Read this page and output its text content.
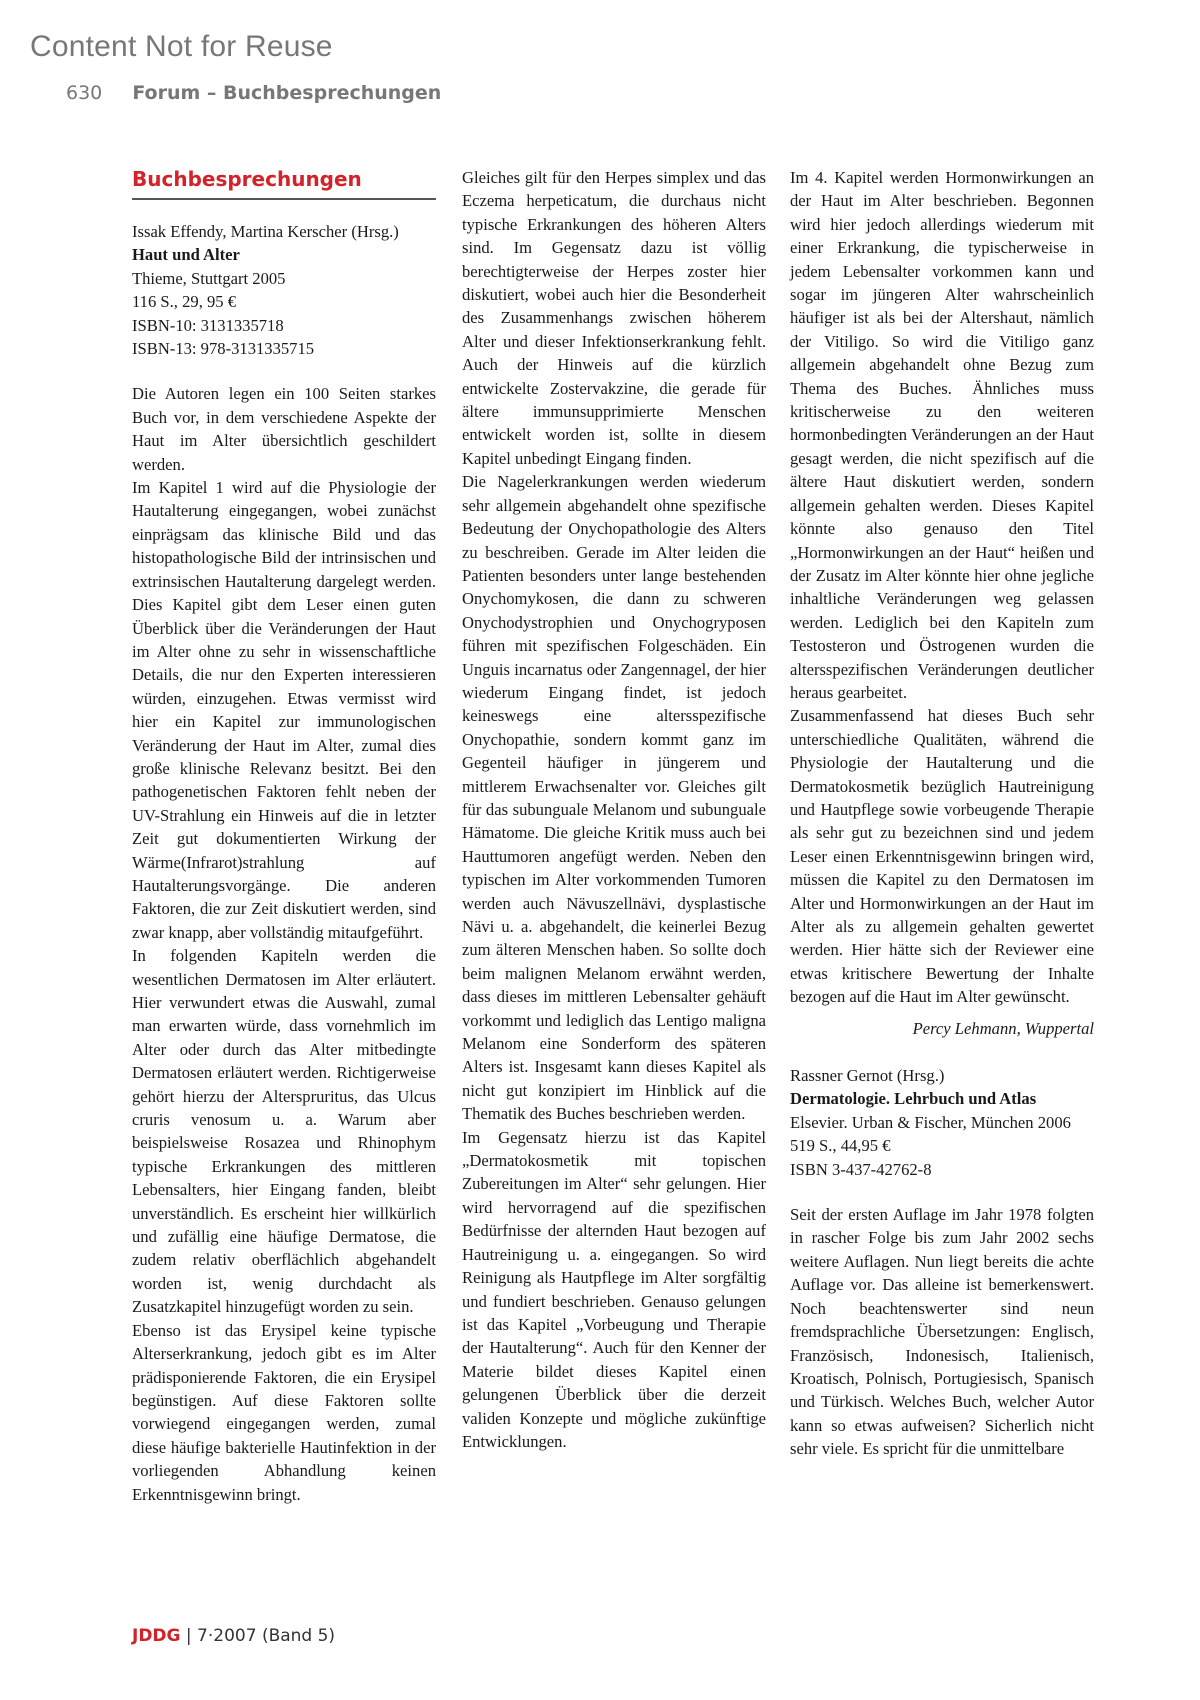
Content Not for Reuse
630 Forum – Buchbesprechungen
Buchbesprechungen
Issak Effendy, Martina Kerscher (Hrsg.)
Haut und Alter
Thieme, Stuttgart 2005
116 S., 29, 95 €
ISBN-10: 3131335718
ISBN-13: 978-3131335715

Die Autoren legen ein 100 Seiten starkes Buch vor, in dem verschiedene Aspekte der Haut im Alter übersichtlich geschildert werden.

Im Kapitel 1 wird auf die Physiologie der Hautalterung eingegangen, wobei zunächst einprägsam das klinische Bild und das histopathologische Bild der intrinsischen und extrinsischen Hautalterung dargelegt werden. Dies Kapitel gibt dem Leser einen guten Überblick über die Veränderungen der Haut im Alter ohne zu sehr in wissenschaftliche Details, die nur den Experten interessieren würden, einzugehen. Etwas vermisst wird hier ein Kapitel zur immunologischen Veränderung der Haut im Alter, zumal dies große klinische Relevanz besitzt. Bei den pathogenetischen Faktoren fehlt neben der UV-Strahlung ein Hinweis auf die in letzter Zeit gut dokumentierten Wirkung der Wärme(Infrarot)strahlung auf Hautalterungsvorgänge. Die anderen Faktoren, die zur Zeit diskutiert werden, sind zwar knapp, aber vollständig mitaufgeführt.

In folgenden Kapiteln werden die wesentlichen Dermatosen im Alter erläutert. Hier verwundert etwas die Auswahl, zumal man erwarten würde, dass vornehmlich im Alter oder durch das Alter mitbedingte Dermatosen erläutert werden. Richtigerweise gehört hierzu der Alterspruritus, das Ulcus cruris venosum u. a. Warum aber beispielsweise Rosazea und Rhinophym typische Erkrankungen des mittleren Lebensalters, hier Eingang fanden, bleibt unverständlich. Es erscheint hier willkürlich und zufällig eine häufige Dermatose, die zudem relativ oberflächlich abgehandelt worden ist, wenig durchdacht als Zusatzkapitel hinzugefügt worden zu sein.

Ebenso ist das Erysipel keine typische Alterserkrankung, jedoch gibt es im Alter prädisponierende Faktoren, die ein Erysipel begünstigen. Auf diese Faktoren sollte vorwiegend eingegangen werden, zumal diese häufige bakterielle Hautinfektion in der vorliegenden Abhandlung keinen Erkenntnisgewinn bringt.

Gleiches gilt für den Herpes simplex und das Eczema herpeticatum, die durchaus nicht typische Erkrankungen des höheren Alters sind. Im Gegensatz dazu ist völlig berechtigterweise der Herpes zoster hier diskutiert, wobei auch hier die Besonderheit des Zusammenhangs zwischen höherem Alter und dieser Infektionserkrankung fehlt. Auch der Hinweis auf die kürzlich entwickelte Zostervakzine, die gerade für ältere immunsupprimierte Menschen entwickelt worden ist, sollte in diesem Kapitel unbedingt Eingang finden.

Die Nagelerkrankungen werden wiederum sehr allgemein abgehandelt ohne spezifische Bedeutung der Onychopathologie des Alters zu beschreiben. Gerade im Alter leiden die Patienten besonders unter lange bestehenden Onychomykosen, die dann zu schweren Onychodystrophien und Onychogryposen führen mit spezifischen Folgeschäden. Ein Unguis incarnatus oder Zangennagel, der hier wiederum Eingang findet, ist jedoch keineswegs eine altersspezifische Onychopathie, sondern kommt ganz im Gegenteil häufiger in jüngerem und mittlerem Erwachsenalter vor. Gleiches gilt für das subunguale Melanom und subunguale Hämatome. Die gleiche Kritik muss auch bei Hauttumoren angefügt werden. Neben den typischen im Alter vorkommenden Tumoren werden auch Nävuszellnävi, dysplastische Nävi u. a. abgehandelt, die keinerlei Bezug zum älteren Menschen haben. So sollte doch beim malignen Melanom erwähnt werden, dass dieses im mittleren Lebensalter gehäuft vorkommt und lediglich das Lentigo maligna Melanom eine Sonderform des späteren Alters ist. Insgesamt kann dieses Kapitel als nicht gut konzipiert im Hinblick auf die Thematik des Buches beschrieben werden.

Im Gegensatz hierzu ist das Kapitel „Dermatokosmetik mit topischen Zubereitungen im Alter“ sehr gelungen. Hier wird hervorragend auf die spezifischen Bedürfnisse der alternden Haut bezogen auf Hautreinigung u. a. eingegangen. So wird Reinigung als Hautpflege im Alter sorgfältig und fundiert beschrieben. Genauso gelungen ist das Kapitel „Vorbeugung und Therapie der Hautalterung“. Auch für den Kenner der Materie bildet dieses Kapitel einen gelungenen Überblick über die derzeit validen Konzepte und mögliche zukünftige Entwicklungen.

Im 4. Kapitel werden Hormonwirkungen an der Haut im Alter beschrieben. Begonnen wird hier jedoch allerdings wiederum mit einer Erkrankung, die typischerweise in jedem Lebensalter vorkommen kann und sogar im jüngeren Alter wahrscheinlich häufiger ist als bei der Altershaut, nämlich der Vitiligo. So wird die Vitiligo ganz allgemein abgehandelt ohne Bezug zum Thema des Buches. Ähnliches muss kritischerweise zu den weiteren hormonbedingten Veränderungen an der Haut gesagt werden, die nicht spezifisch auf die ältere Haut diskutiert werden, sondern allgemein gehalten werden. Dieses Kapitel könnte also genauso den Titel „Hormonwirkungen an der Haut“ heißen und der Zusatz im Alter könnte hier ohne jegliche inhaltliche Veränderungen weg gelassen werden. Lediglich bei den Kapiteln zum Testosteron und Östrogenen wurden die altersspezifischen Veränderungen deutlicher heraus gearbeitet.

Zusammenfassend hat dieses Buch sehr unterschiedliche Qualitäten, während die Physiologie der Hautalterung und die Dermatokosmetik bezüglich Hautreinigung und Hautpflege sowie vorbeugende Therapie als sehr gut zu bezeichnen sind und jedem Leser einen Erkenntnisgewinn bringen wird, müssen die Kapitel zu den Dermatosen im Alter und Hormonwirkungen an der Haut im Alter als zu allgemein gehalten gewertet werden. Hier hätte sich der Reviewer eine etwas kritischere Bewertung der Inhalte bezogen auf die Haut im Alter gewünscht.

Percy Lehmann, Wuppertal
Rassner Gernot (Hrsg.)
Dermatologie. Lehrbuch und Atlas
Elsevier. Urban & Fischer, München 2006
519 S., 44,95 €
ISBN 3-437-42762-8

Seit der ersten Auflage im Jahr 1978 folgten in rascher Folge bis zum Jahr 2002 sechs weitere Auflagen. Nun liegt bereits die achte Auflage vor. Das alleine ist bemerkenswert. Noch beachtenswerter sind neun fremdsprachliche Übersetzungen: Englisch, Französisch, Indonesisch, Italienisch, Kroatisch, Polnisch, Portugiesisch, Spanisch und Türkisch. Welches Buch, welcher Autor kann so etwas aufweisen? Sicherlich nicht sehr viele. Es spricht für die unmittelbare

JDDG | 7·2007 (Band 5)
